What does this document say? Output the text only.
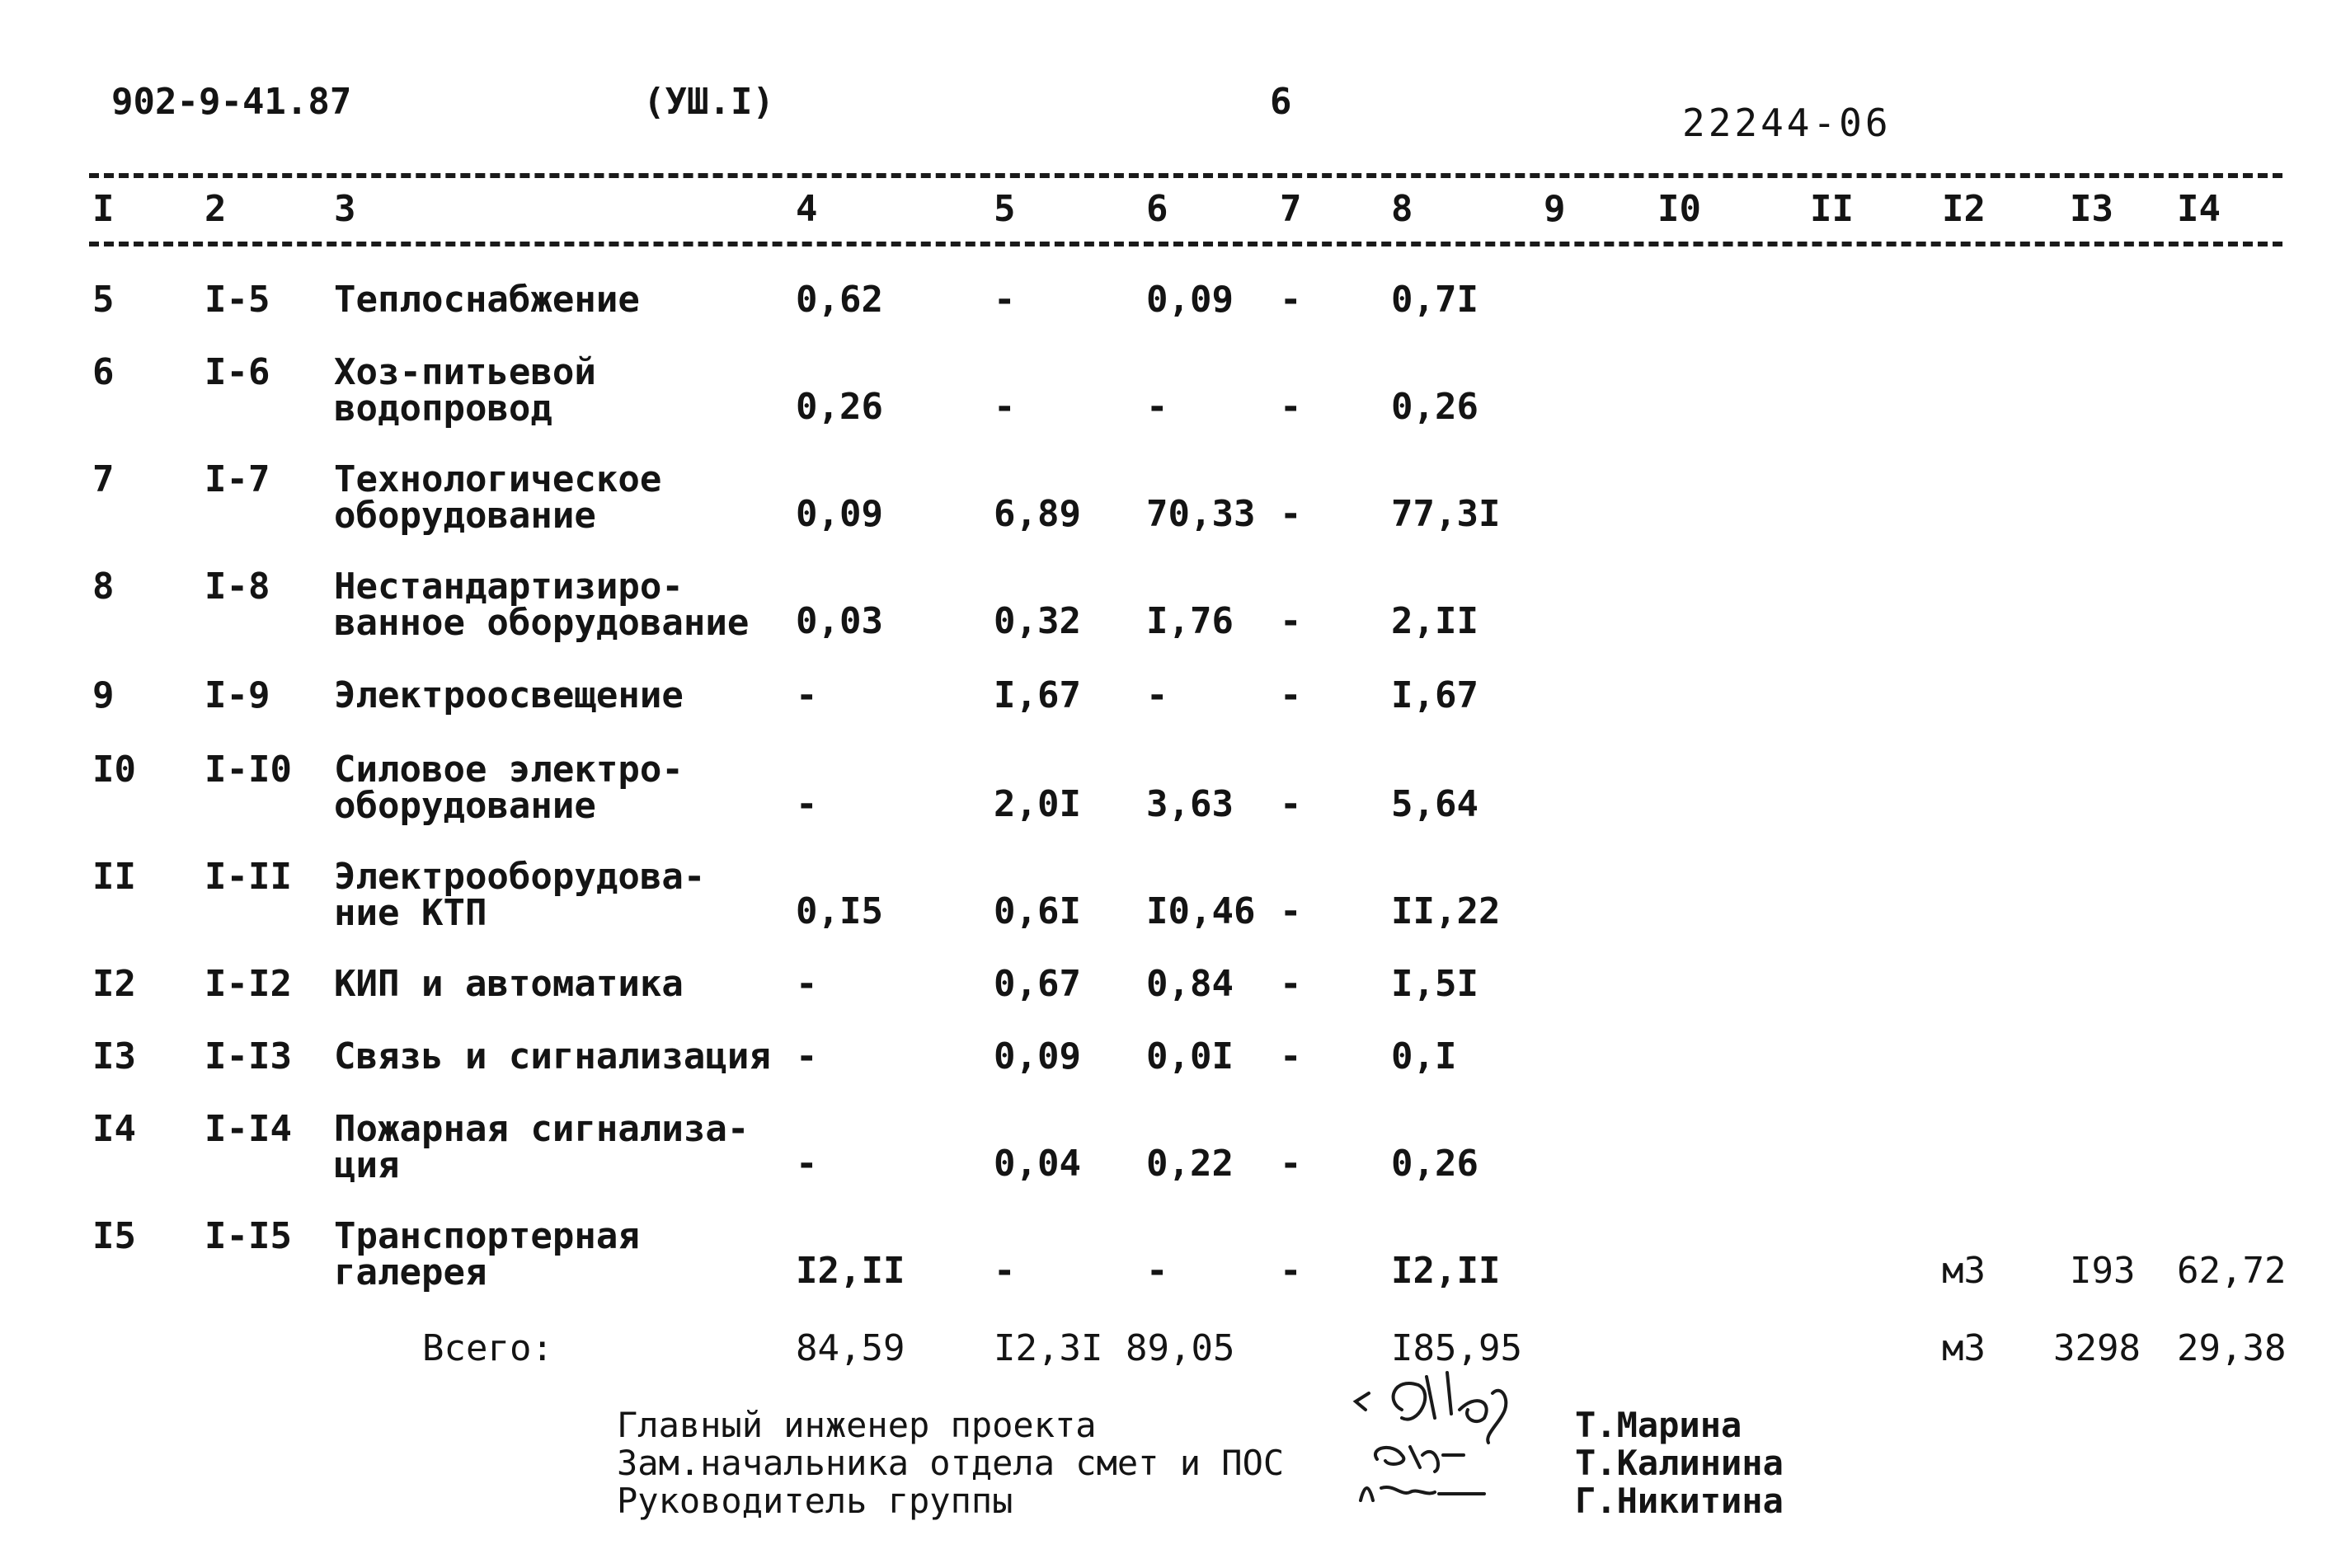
902-9-41.87	(УШ.I)	6	22244-06
I 2	3	4	5	6	7 8	9	I0	II I2 I3 I4
5 I-5 Теплоснабжение	0,62	-	0,09 - 0,7I
6 I-6 Хоз-питьевой
водопровод	0,26	-	-	- 0,26
7 I-7 Технологическое
оборудование	0,09	6,89 70,33 - 77,3I
8 I-8 Нестандартизиро-
ванное оборудование 0,03	0,32 I,76 - 2,II
9 I-9 Электроосвещение	-	I,67 -	- I,67
I0 I-I0 Силовое электро-
оборудование	-	2,0I 3,63 - 5,64
II I-II Электрооборудова-
ние КТП	0,I5	0,6I I0,46 - II,22
I2 I-I2 КИП и автоматика	-	0,67 0,84 - I,5I
I3 I-I3 Связь и сигнализация -	0,09 0,0I - 0,I
I4 I-I4 Пожарная сигнализа-
ция	-	0,04 0,22 - 0,26
I5 I-I5 Транспортерная
галерея	I2,II -	-	- I2,II	м3 I93 62,72
Всего:	84,59 I2,3I 89,05	I85,95	м3 3298 29,38
Главный инженер проекта
Зам.начальника отдела смет и ПОС
Руководитель группы
Т.Марина
Т.Калинина
Г.Никитина
